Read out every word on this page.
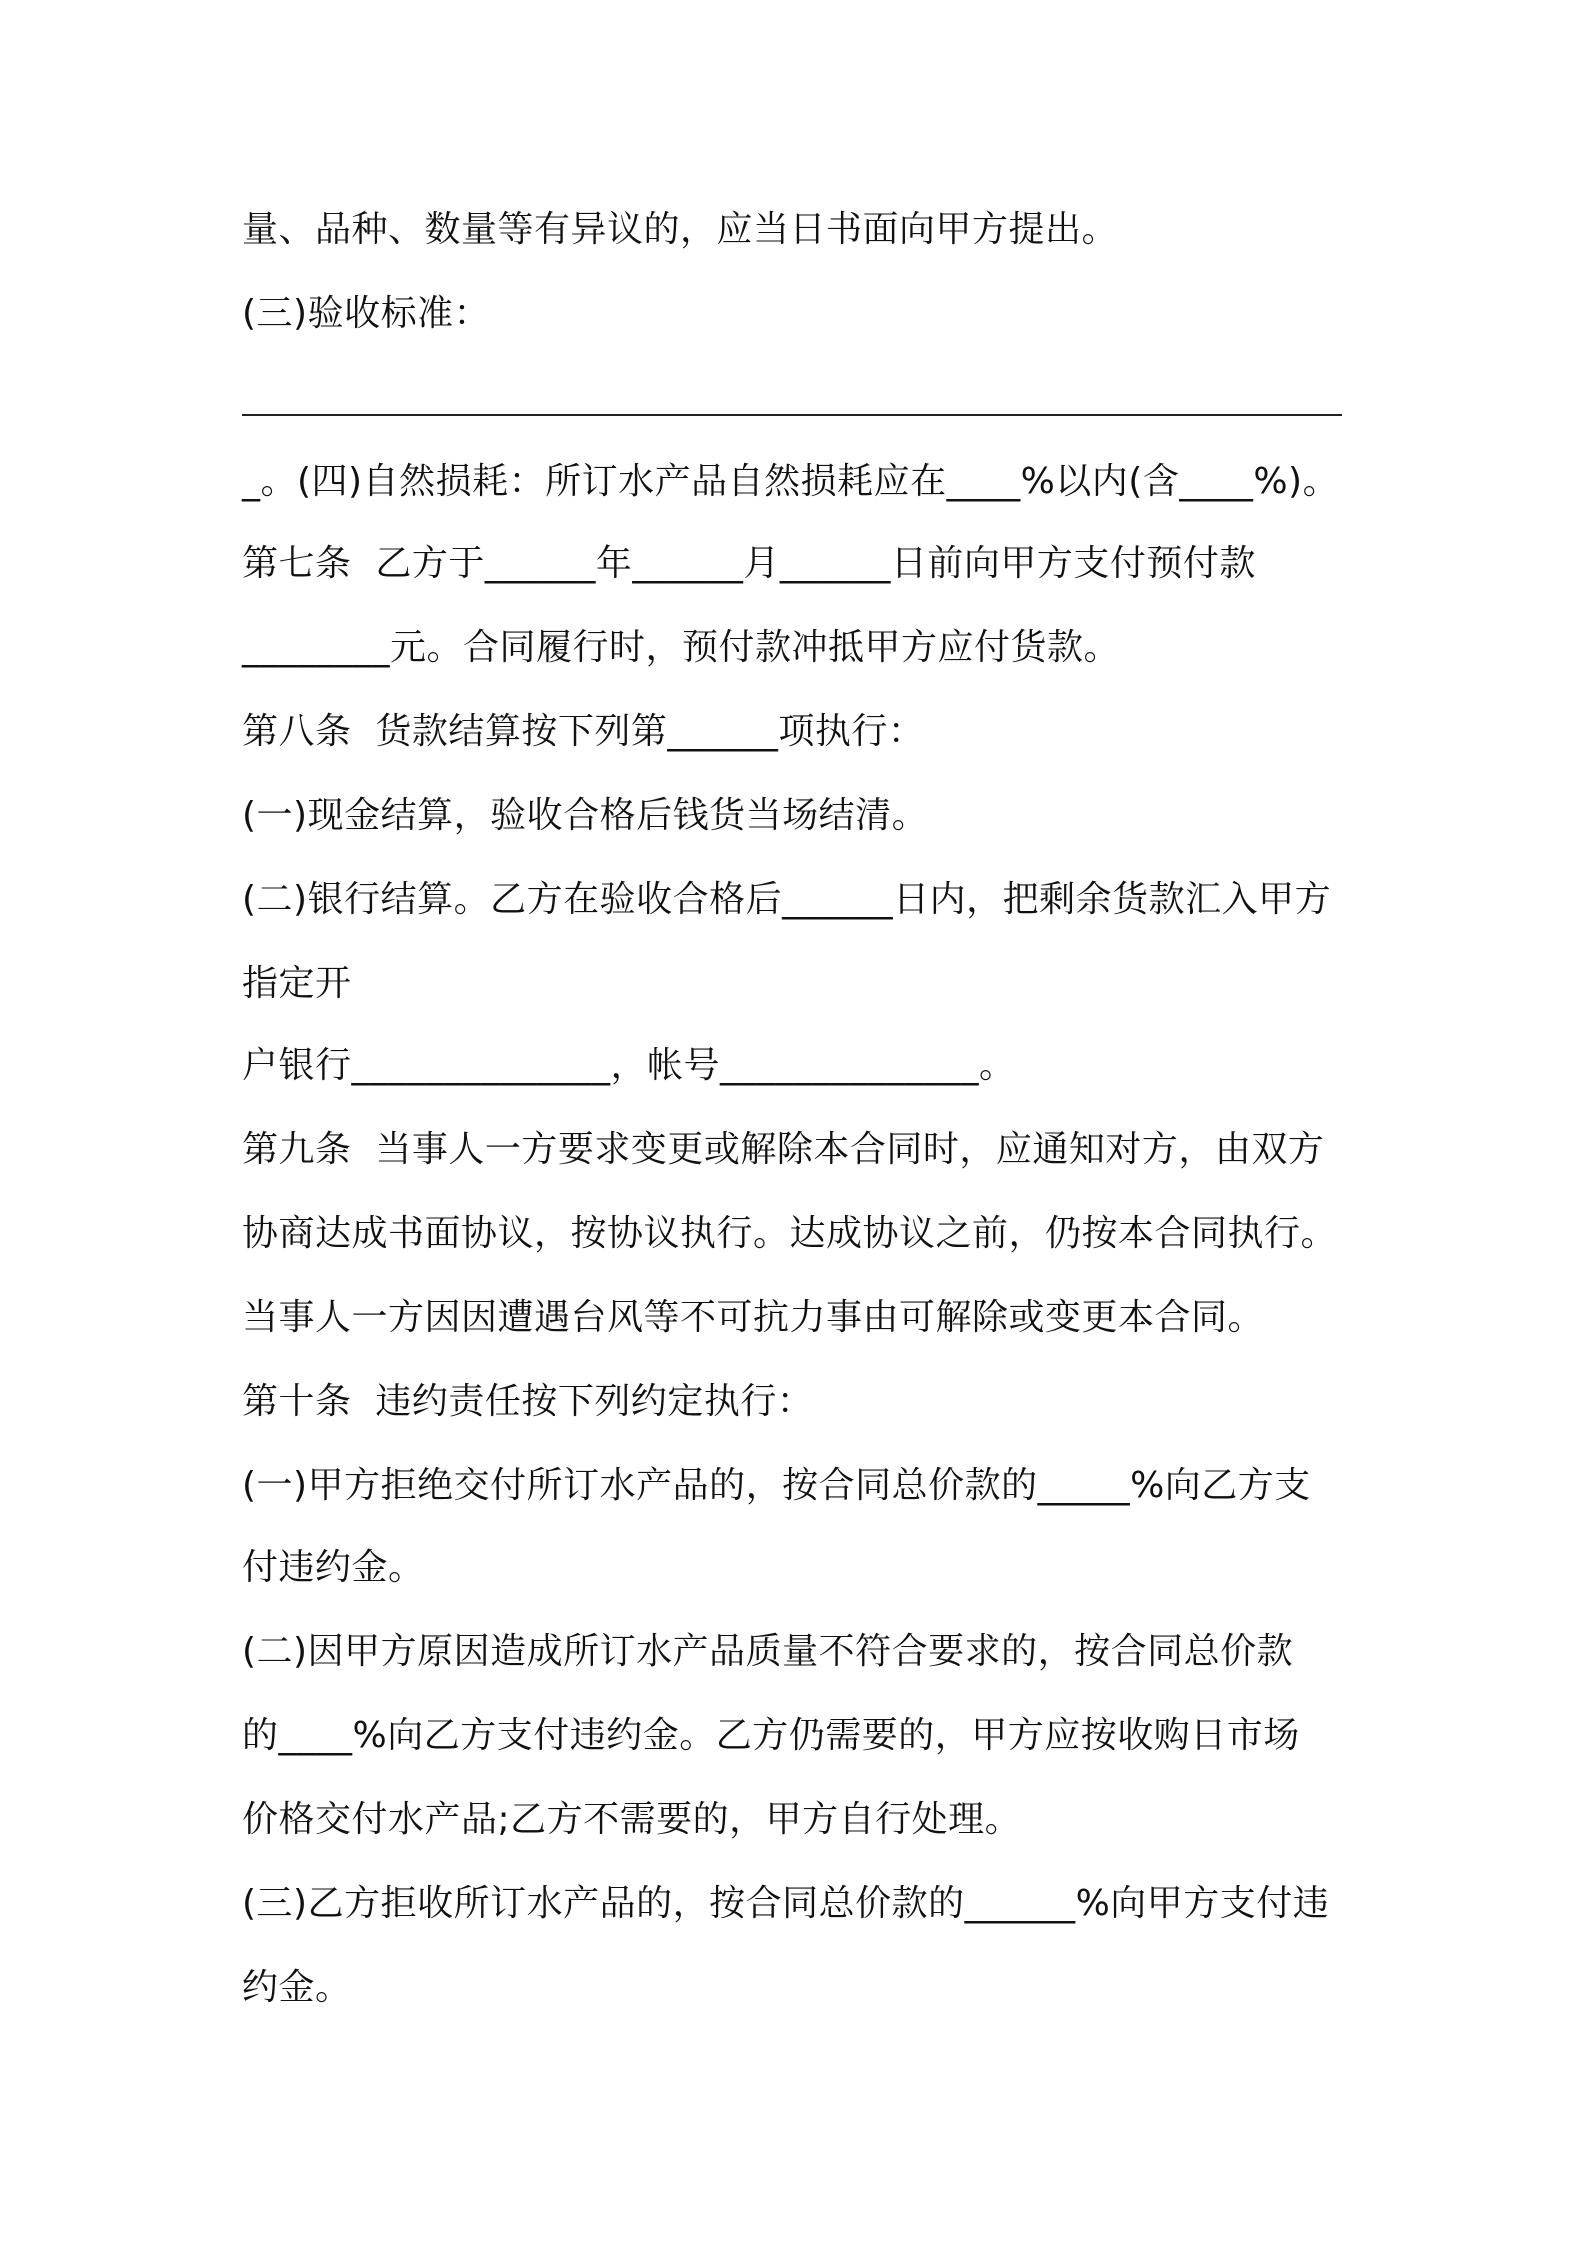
量、品种、数量等有异议的，应当日书面向甲方提出。
(三)验收标准：
_。(四)自然损耗：所订水产品自然损耗应在____%以内(含____%)。
第七条  乙方于______年______月______日前向甲方支付预付款
________元。合同履行时，预付款冲抵甲方应付货款。
第八条  货款结算按下列第______项执行：
(一)现金结算，验收合格后钱货当场结清。
(二)银行结算。乙方在验收合格后______日内，把剩余货款汇入甲方
指定开
户银行______________，帐号______________。
第九条  当事人一方要求变更或解除本合同时，应通知对方，由双方
协商达成书面协议，按协议执行。达成协议之前，仍按本合同执行。
当事人一方因因遭遇台风等不可抗力事由可解除或变更本合同。
第十条  违约责任按下列约定执行：
(一)甲方拒绝交付所订水产品的，按合同总价款的_____%向乙方支
付违约金。
(二)因甲方原因造成所订水产品质量不符合要求的，按合同总价款
的____%向乙方支付违约金。乙方仍需要的，甲方应按收购日市场
价格交付水产品;乙方不需要的，甲方自行处理。
(三)乙方拒收所订水产品的，按合同总价款的______%向甲方支付违
约金。
